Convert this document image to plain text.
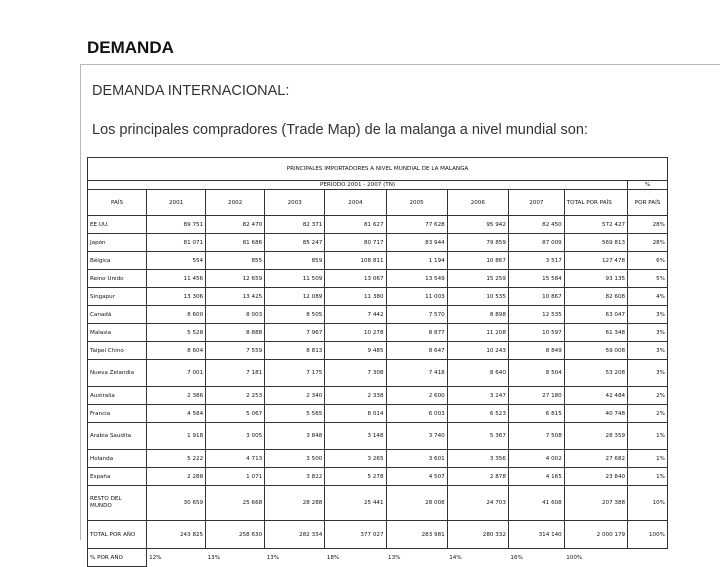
DEMANDA
DEMANDA INTERNACIONAL:
Los principales compradores (Trade Map) de la malanga a nivel mundial son:
PRINCIPALES IMPORTADORES A NIVEL MUNDIAL DE LA MALANGA									
PERIODO 2001 - 2007 (TN)									%
PAÍS	2001	2002	2003	2004	2005	2006	2007	TOTAL POR PAÍS	POR PAÍS

EE.UU.	89 751	82 470	82 371	81 627	77 628	95 942	82 450	572 427	28%
Japón	81 071	81 686	85 247	80 717	83 944	79 859	87 009	569 813	28%
Bélgica	554	855	859	108 811	1 194	10 867	3 517	127 478	6%
Reino Unido	11 456	12 659	11 509	13 067	13 549	15 259	15 584	93 135	5%
Singapur	13 306	13 425	12 089	11 380	11 003	10 535	10 867	82 608	4%
Canadá	8 600	8 003	8 505	7 442	7 570	8 898	12 535	63 047	3%
Malasia	5 528	8 888	7 967	10 278	8 877	11 208	10 597	61 348	3%
Taipei Chino	8 604	7 559	8 813	9 485	8 647	10 243	8 849	59 008	3%
Nueva Zelandia	7 001	7 181	7 175	7 308	7 418	8 640	8 504	53 208	3%
Australia	2 386	2 253	2 340	2 338	2 600	3 247	27 180	42 484	2%
Francia	4 584	5 067	5 565	8 014	6 003	6 523	6 815	40 748	2%
Arabia Saudita	1 918	3 005	3 848	3 148	3 740	5 367	7 508	28 359	1%
Holanda	5 222	4 713	3 500	3 265	3 601	3 356	4 002	27 682	1%
España	2 288	1 071	3 822	5 278	4 507	2 878	4 165	23 840	1%
RESTO DEL MUNDO	30 659	25 668	28 288	25 441	28 008	24 703	41 608	207 388	10%
TOTAL POR AÑO	243 825	258 630	282 334	377 027	283 981	280 332	314 140	2 000 179	100%
% POR AÑO	12%	13%	13%	18%	13%	14%	16%	100%	
